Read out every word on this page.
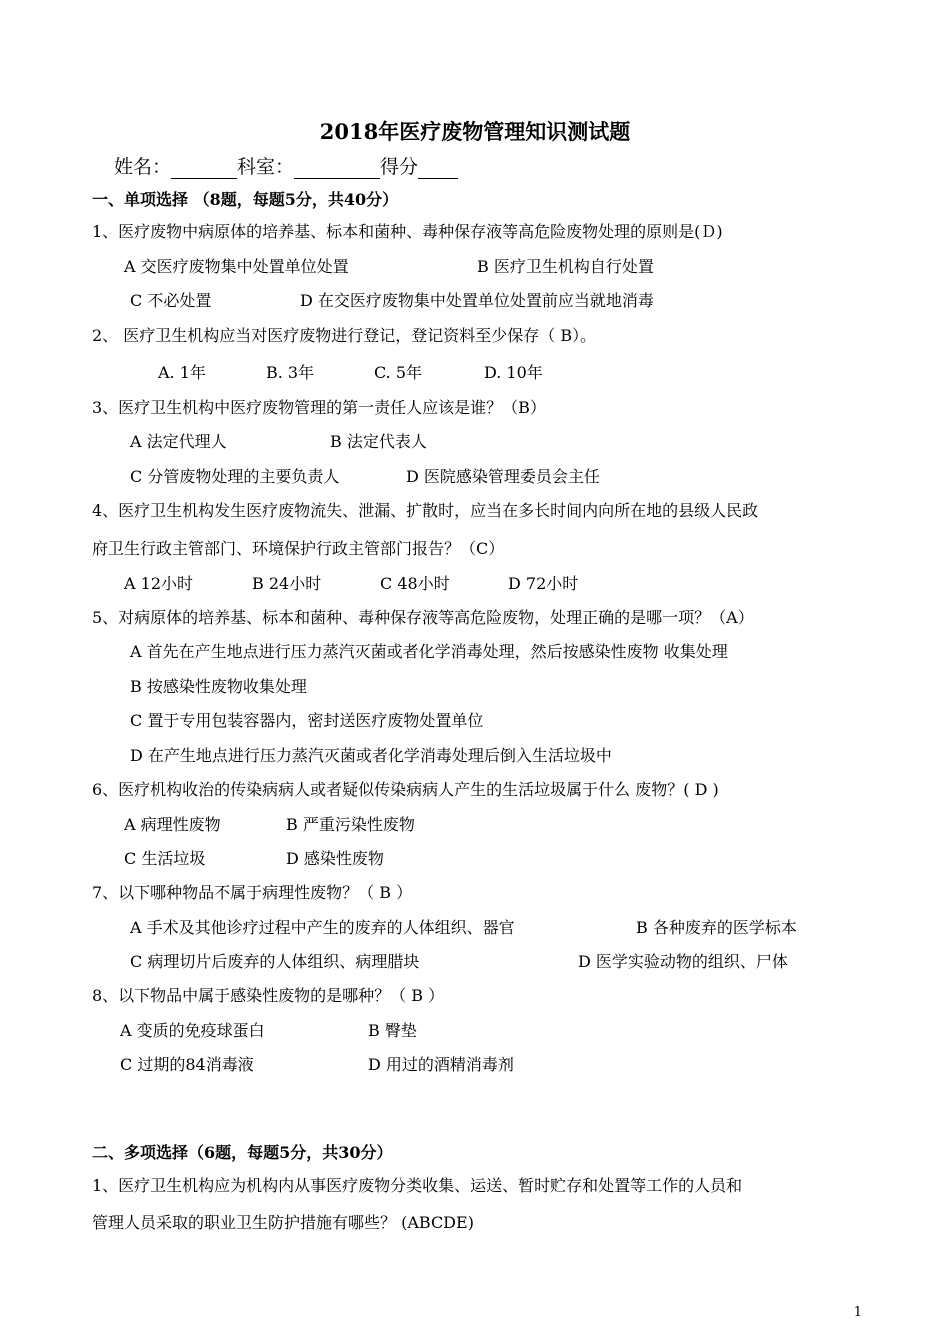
2018年医疗废物管理知识测试题
姓名：	科室：	得分
一、单项选择 （8题，每题5分，共40分）
1、医疗废物中病原体的培养基、标本和菌种、毒种保存液等高危险废物处理的原则是(Ｄ)
A 交医疗废物集中处置单位处置	B 医疗卫生机构自行处置
C 不必处置	D 在交医疗废物集中处置单位处置前应当就地消毒
2、 医疗卫生机构应当对医疗废物进行登记，登记资料至少保存（ B）。
A. 1年	B. 3年	C. 5年	D. 10年
3、医疗卫生机构中医疗废物管理的第一责任人应该是谁？（B）
A 法定代理人	B 法定代表人
C 分管废物处理的主要负责人	D 医院感染管理委员会主任
4、医疗卫生机构发生医疗废物流失、泄漏、扩散时，应当在多长时间内向所在地的县级人民政
府卫生行政主管部门、环境保护行政主管部门报告？（C）
A 12小时	B 24小时	C 48小时	D 72小时
5、对病原体的培养基、标本和菌种、毒种保存液等高危险废物，处理正确的是哪一项？（A）
A 首先在产生地点进行压力蒸汽灭菌或者化学消毒处理，然后按感染性废物 收集处理
B 按感染性废物收集处理
C 置于专用包装容器内，密封送医疗废物处置单位
D 在产生地点进行压力蒸汽灭菌或者化学消毒处理后倒入生活垃圾中
6、医疗机构收治的传染病病人或者疑似传染病病人产生的生活垃圾属于什么 废物？( D )
A 病理性废物	B 严重污染性废物
C 生活垃圾	D 感染性废物
7、以下哪种物品不属于病理性废物？（ B ）
A 手术及其他诊疗过程中产生的废弃的人体组织、器官	B 各种废弃的医学标本
C 病理切片后废弃的人体组织、病理腊块	D 医学实验动物的组织、尸体
8、以下物品中属于感染性废物的是哪种？（ B ）
A 变质的免疫球蛋白	B 臀垫
C 过期的84消毒液	D 用过的酒精消毒剂
二、多项选择（6题，每题5分，共30分）
1、医疗卫生机构应为机构内从事医疗废物分类收集、运送、暂时贮存和处置等工作的人员和
管理人员采取的职业卫生防护措施有哪些？ (ABCDE)
1
